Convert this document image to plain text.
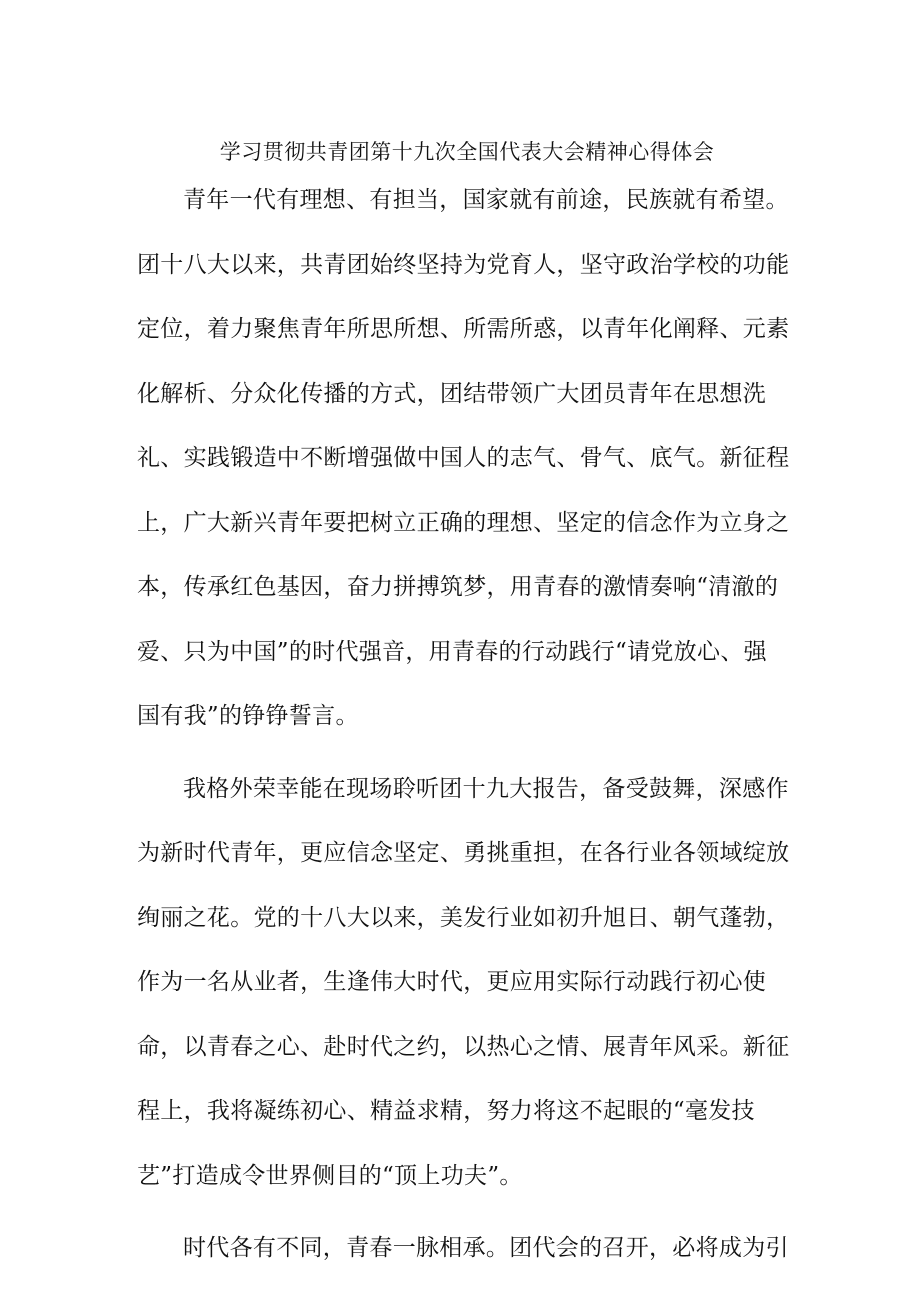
学习贯彻共青团第十九次全国代表大会精神心得体会
青年一代有理想、有担当，国家就有前途，民族就有希望。
团十八大以来，共青团始终坚持为党育人，坚守政治学校的功能
定位，着力聚焦青年所思所想、所需所惑，以青年化阐释、元素
化解析、分众化传播的方式，团结带领广大团员青年在思想洗
礼、实践锻造中不断增强做中国人的志气、骨气、底气。新征程
上，广大新兴青年要把树立正确的理想、坚定的信念作为立身之
本，传承红色基因，奋力拼搏筑梦，用青春的激情奏响“清澈的
爱、只为中国”的时代强音，用青春的行动践行“请党放心、强
国有我”的铮铮誓言。
我格外荣幸能在现场聆听团十九大报告，备受鼓舞，深感作
为新时代青年，更应信念坚定、勇挑重担，在各行业各领域绽放
绚丽之花。党的十八大以来，美发行业如初升旭日、朝气蓬勃，
作为一名从业者，生逢伟大时代，更应用实际行动践行初心使
命，以青春之心、赴时代之约，以热心之情、展青年风采。新征
程上，我将凝练初心、精益求精，努力将这不起眼的“毫发技
艺”打造成令世界侧目的“顶上功夫”。
时代各有不同，青春一脉相承。团代会的召开，必将成为引
